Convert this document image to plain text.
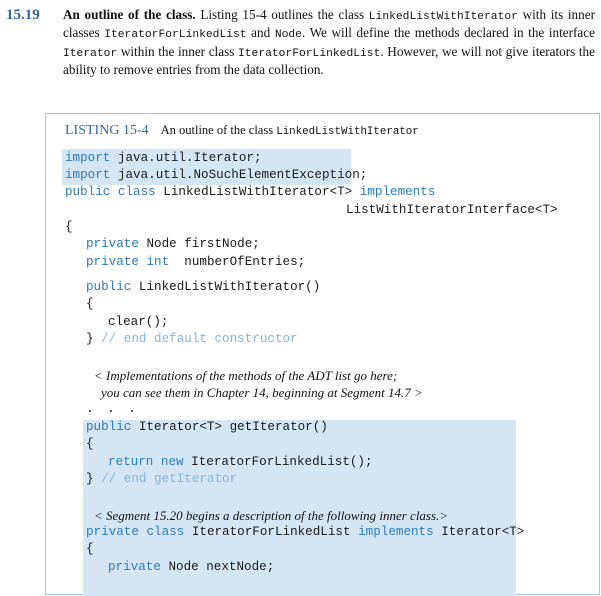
15.19 An outline of the class. Listing 15-4 outlines the class LinkedListWithIterator with its inner classes IteratorForLinkedList and Node. We will define the methods declared in the interface Iterator within the inner class IteratorForLinkedList. However, we will not give iterators the ability to remove entries from the data collection.
LISTING 15-4 An outline of the class LinkedListWithIterator
import java.util.Iterator;
import java.util.NoSuchElementException;
public class LinkedListWithIterator<T> implements
ListWithIteratorInterface<T>
{
private Node firstNode;
private int  numberOfEntries;
public LinkedListWithIterator()
{
clear();
} // end default constructor
< Implementations of the methods of the ADT list go here;
you can see them in Chapter 14, beginning at Segment 14.7 >
. . .
public Iterator<T> getIterator()
{
return new IteratorForLinkedList();
} // end getIterator
< Segment 15.20 begins a description of the following inner class.>
private class IteratorForLinkedList implements Iterator<T>
{
private Node nextNode;
